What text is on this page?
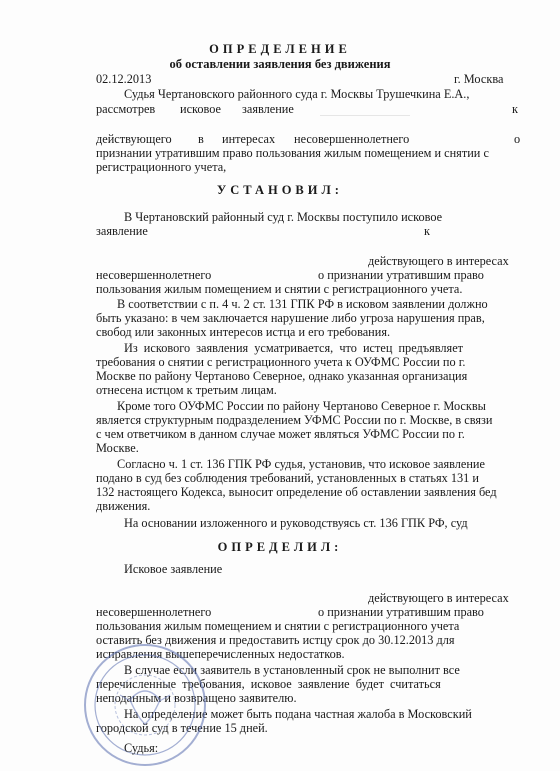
ОПРЕДЕЛЕНИЕ
об оставлении заявления без движения
02.12.2013	г. Москва
Судья Чертановского районного суда г. Москвы Трушечкина Е.А.,
рассмотрев исковое заявление	к
действующего в интересах несовершеннолетнего	о
признании утратившим право пользования жилым помещением и снятии с
регистрационного учета,
УСТАНОВИЛ:
В Чертановский районный суд г. Москвы поступило исковое
заявление	к
действующего в интересах
несовершеннолетнего	о признании утратившим право
пользования жилым помещением и снятии с регистрационного учета.
В соответствии с п. 4 ч. 2 ст. 131 ГПК РФ в исковом заявлении должно
быть указано: в чем заключается нарушение либо угроза нарушения прав,
свобод или законных интересов истца и его требования.
Из искового заявления усматривается, что истец предъявляет
требования о снятии с регистрационного учета к ОУФМС России по г.
Москве по району Чертаново Северное, однако указанная организация
отнесена истцом к третьим лицам.
Кроме того ОУФМС России по району Чертаново Северное г. Москвы
является структурным подразделением УФМС России по г. Москве, в связи
с чем ответчиком в данном случае может являться УФМС России по г.
Москве.
Согласно ч. 1 ст. 136 ГПК РФ судья, установив, что исковое заявление
подано в суд без соблюдения требований, установленных в статьях 131 и
132 настоящего Кодекса, выносит определение об оставлении заявления бед
движения.
На основании изложенного и руководствуясь ст. 136 ГПК РФ, суд
ОПРЕДЕЛИЛ:
Исковое заявление
действующего в интересах
несовершеннолетнего	о признании утратившим право
пользования жилым помещением и снятии с регистрационного учета
оставить без движения и предоставить истцу срок до 30.12.2013 для
исправления вышеперечисленных недостатков.
В случае если заявитель в установленный срок не выполнит все
перечисленные требования, исковое заявление будет считаться
неподанным и возвращено заявителю.
На определение может быть подана частная жалоба в Московский
городской суд в течение 15 дней.
Судья:
